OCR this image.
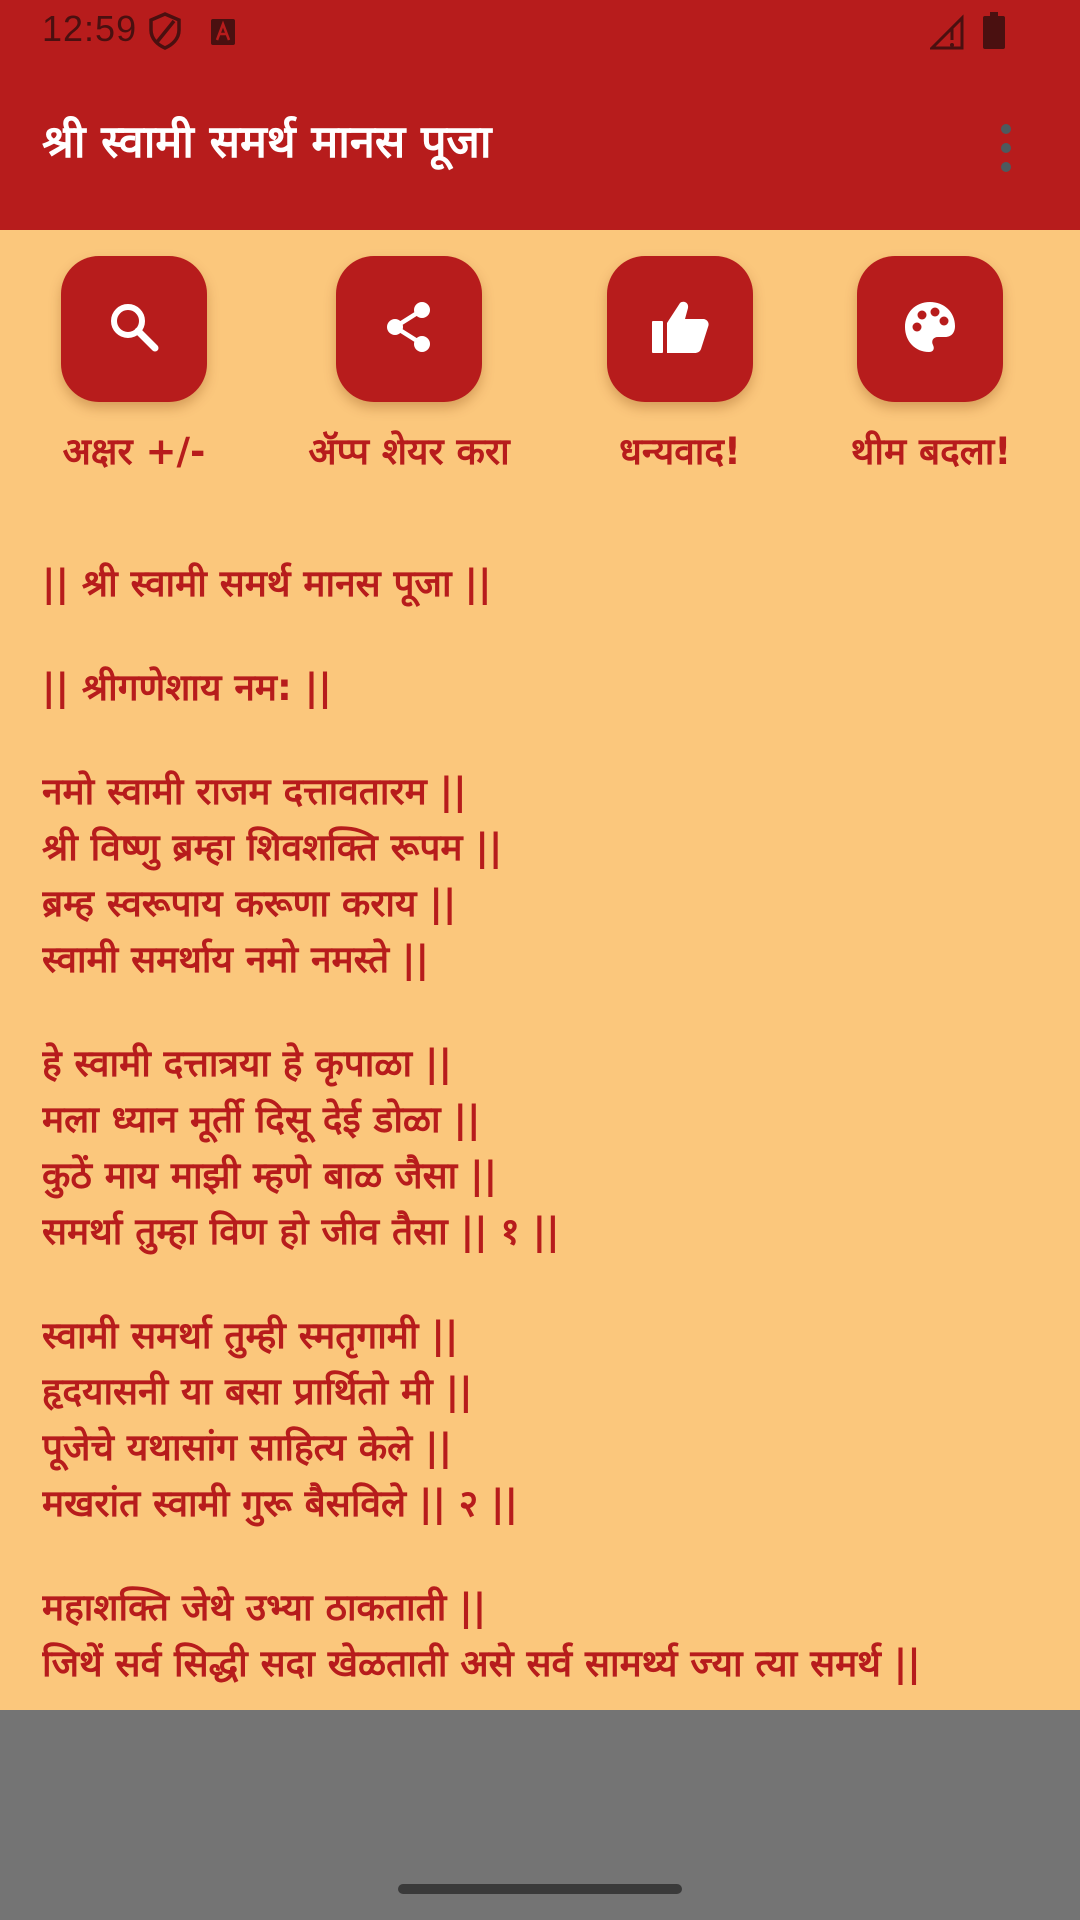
12:59
श्री स्वामी समर्थ मानस पूजा
अक्षर +/-	ॲप्प शेयर करा	धन्यवाद!	थीम बदला!
|| श्री स्वामी समर्थ मानस पूजा ||
|| श्रीगणेशाय नम: ||
नमो स्वामी राजम दत्तावतारम ||
श्री विष्णु ब्रम्हा शिवशक्ति रूपम ||
ब्रम्ह स्वरूपाय करूणा कराय ||
स्वामी समर्थाय नमो नमस्ते ||
हे स्वामी दत्तात्रया हे कृपाळा ||
मला ध्यान मूर्ती दिसू देई डोळा ||
कुठें माय माझी म्हणे बाळ जैसा ||
समर्था तुम्हा विण हो जीव तैसा || १ ||
स्वामी समर्था तुम्ही स्मतृगामी ||
हृदयासनी या बसा प्रार्थितो मी ||
पूजेचे यथासांग साहित्य केले ||
मखरांत स्वामी गुरू बैसविले || २ ||
महाशक्ति जेथे उभ्या ठाकताती ||
जिथें सर्व सिद्धी सदा खेळताती असे सर्व सामर्थ्य ज्या त्या समर्थ ||
